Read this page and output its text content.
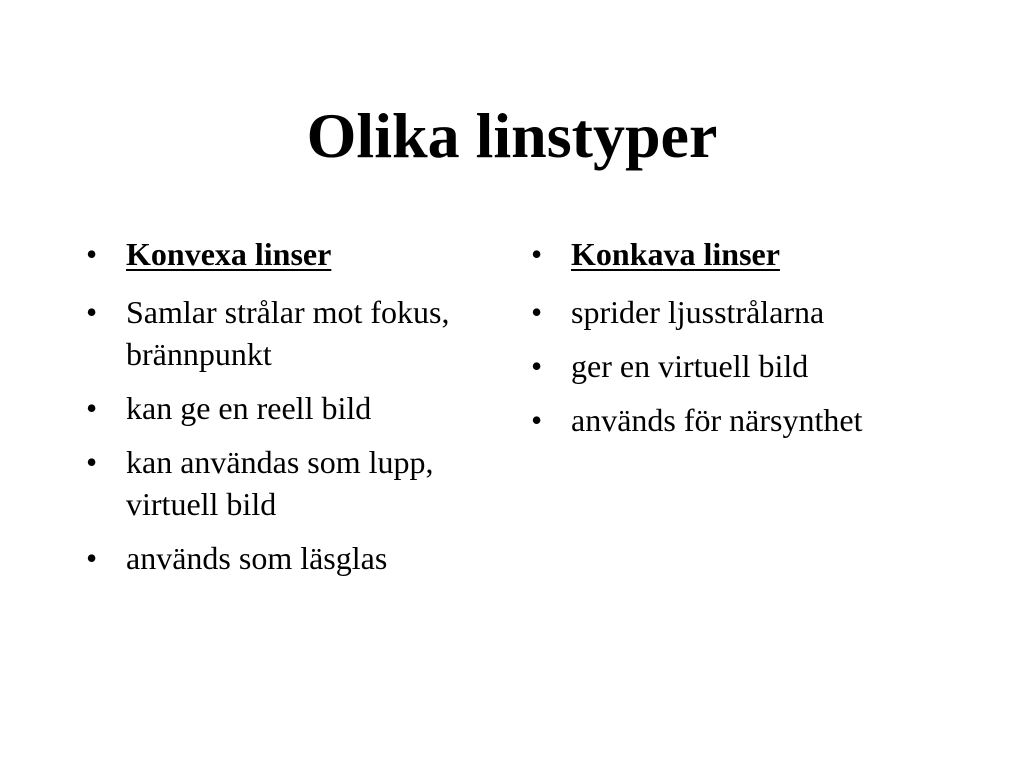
Olika linstyper
• Konvexa linser
• Samlar strålar mot fokus, brännpunkt
• kan ge en reell bild
• kan användas som lupp, virtuell bild
• används som läsglas
• Konkava linser
• sprider ljusstrålarna
• ger en virtuell bild
• används för närsynthet
